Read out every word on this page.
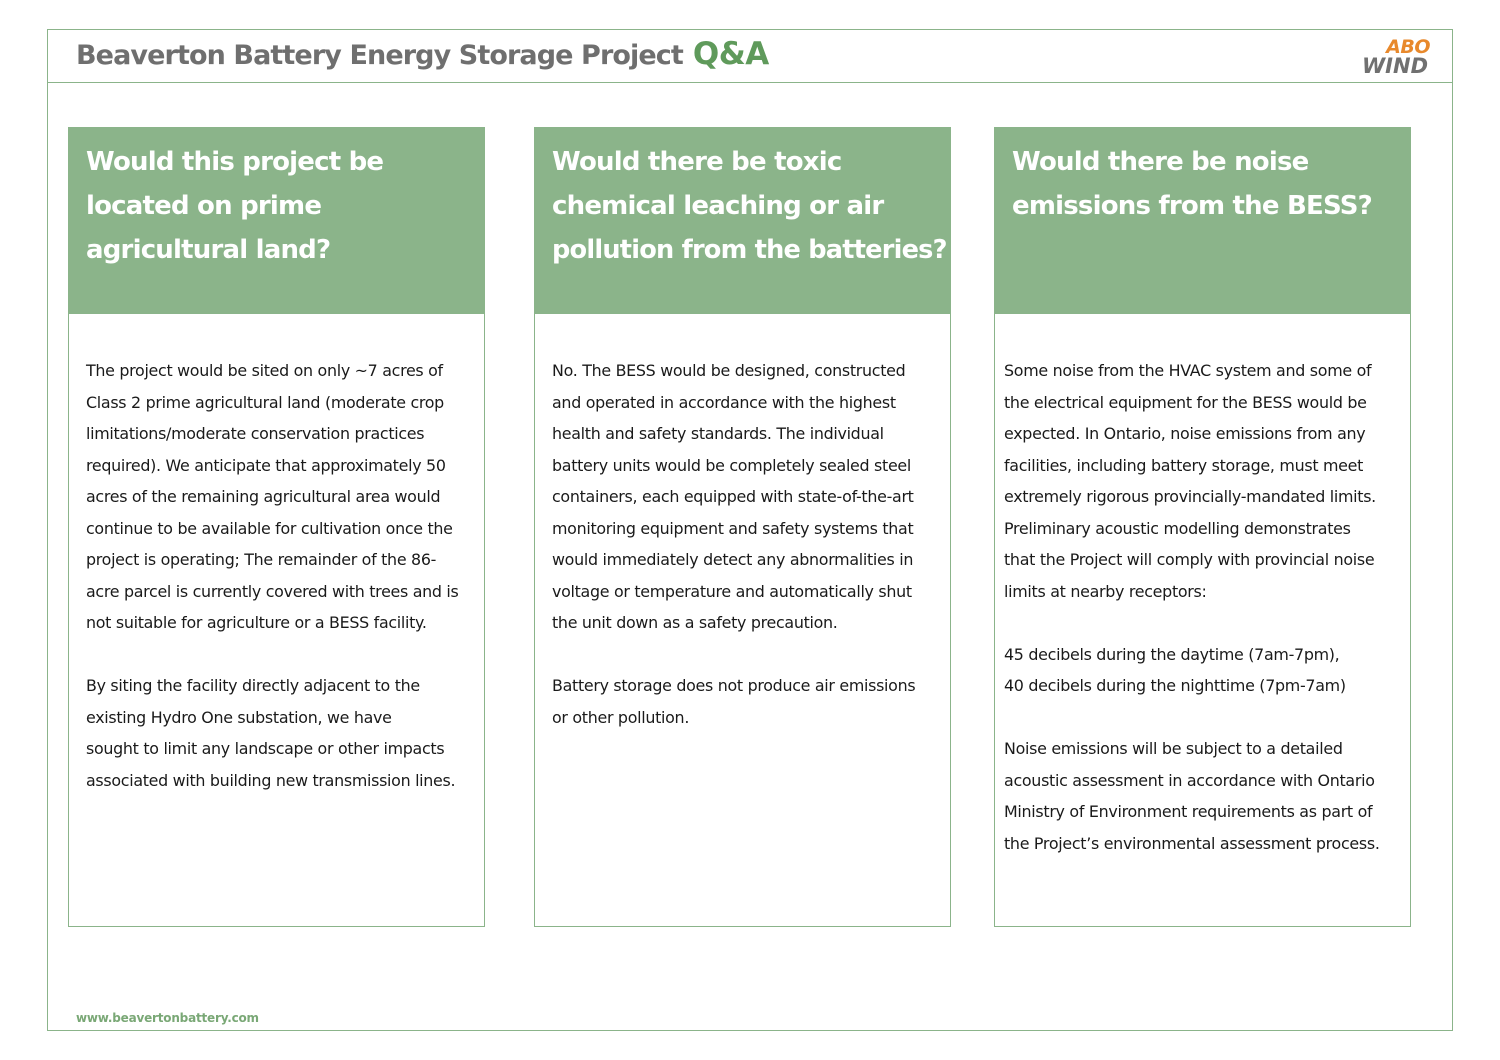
Beaverton Battery Energy Storage Project Q&A	ABO
WIND
Would this project be
located on prime
agricultural land?

The project would be sited on only ~7 acres of
Class 2 prime agricultural land (moderate crop
limitations/moderate conservation practices
required). We anticipate that approximately 50
acres of the remaining agricultural area would
continue to be available for cultivation once the
project is operating; The remainder of the 86-
acre parcel is currently covered with trees and is
not suitable for agriculture or a BESS facility.

By siting the facility directly adjacent to the
existing Hydro One substation, we have
sought to limit any landscape or other impacts
associated with building new transmission lines.

Would there be toxic
chemical leaching or air
pollution from the batteries?

No. The BESS would be designed, constructed
and operated in accordance with the highest
health and safety standards. The individual
battery units would be completely sealed steel
containers, each equipped with state-of-the-art
monitoring equipment and safety systems that
would immediately detect any abnormalities in
voltage or temperature and automatically shut
the unit down as a safety precaution.

Battery storage does not produce air emissions
or other pollution.

Would there be noise
emissions from the BESS?

Some noise from the HVAC system and some of
the electrical equipment for the BESS would be
expected. In Ontario, noise emissions from any
facilities, including battery storage, must meet
extremely rigorous provincially-mandated limits.
Preliminary acoustic modelling demonstrates
that the Project will comply with provincial noise
limits at nearby receptors:

45 decibels during the daytime (7am-7pm),
40 decibels during the nighttime (7pm-7am)

Noise emissions will be subject to a detailed
acoustic assessment in accordance with Ontario
Ministry of Environment requirements as part of
the Project’s environmental assessment process.

www.beavertonbattery.com
